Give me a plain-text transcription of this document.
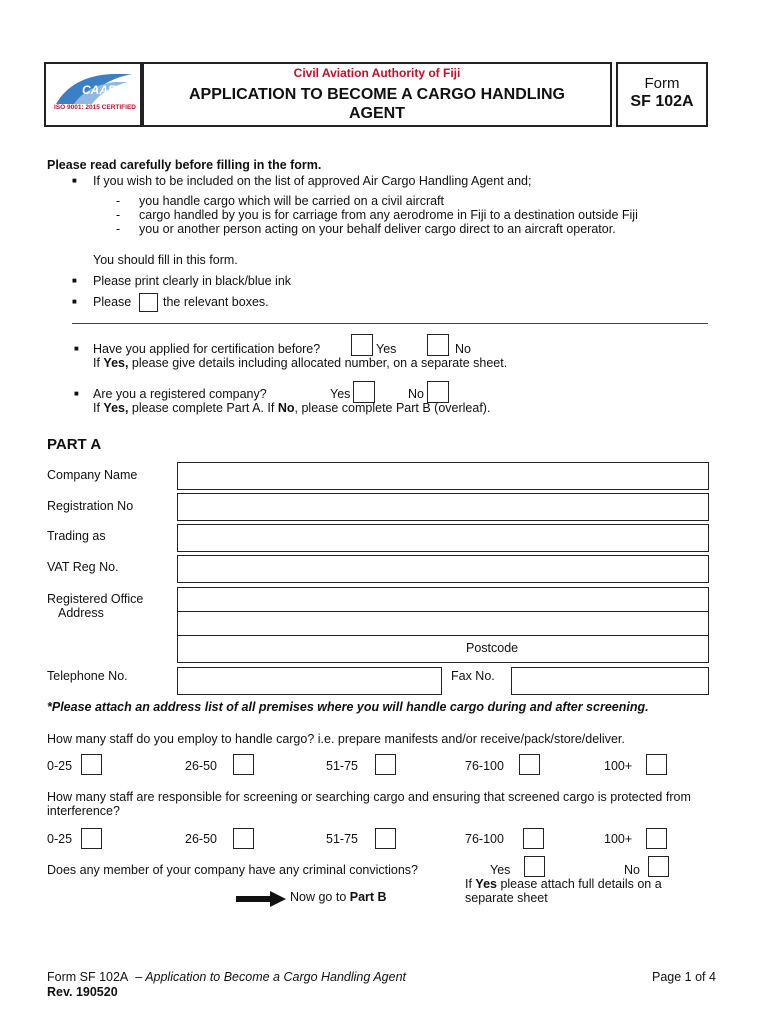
CAAF
ISO 9001: 2015 CERTIFIED
Civil Aviation Authority of Fiji
APPLICATION TO BECOME A CARGO HANDLING
AGENT
Form
SF 102A
Please read carefully before filling in the form.
■ If you wish to be included on the list of approved Air Cargo Handling Agent and;
- you handle cargo which will be carried on a civil aircraft
- cargo handled by you is for carriage from any aerodrome in Fiji to a destination outside Fiji
- you or another person acting on your behalf deliver cargo direct to an aircraft operator.
You should fill in this form.
■ Please print clearly in black/blue ink
■ Please	the relevant boxes.
■ Have you applied for certification before?	Yes	No
If Yes, please give details including allocated number, on a separate sheet.
■ Are you a registered company?	Yes	No
If Yes, please complete Part A. If No, please complete Part B (overleaf).
PART A
Company Name
Registration No
Trading as
VAT Reg No.
Registered Office
Address
Postcode
Telephone No.	Fax No.
*Please attach an address list of all premises where you will handle cargo during and after screening.
How many staff do you employ to handle cargo? i.e. prepare manifests and/or receive/pack/store/deliver.
0-25	26-50	51-75	76-100	100+
How many staff are responsible for screening or searching cargo and ensuring that screened cargo is protected from
interference?
0-25	26-50	51-75	76-100	100+
Does any member of your company have any criminal convictions?	Yes	No
If Yes please attach full details on a
separate sheet
Now go to Part B
Form SF 102A – Application to Become a Cargo Handling Agent
Rev. 190520
Page 1 of 4
